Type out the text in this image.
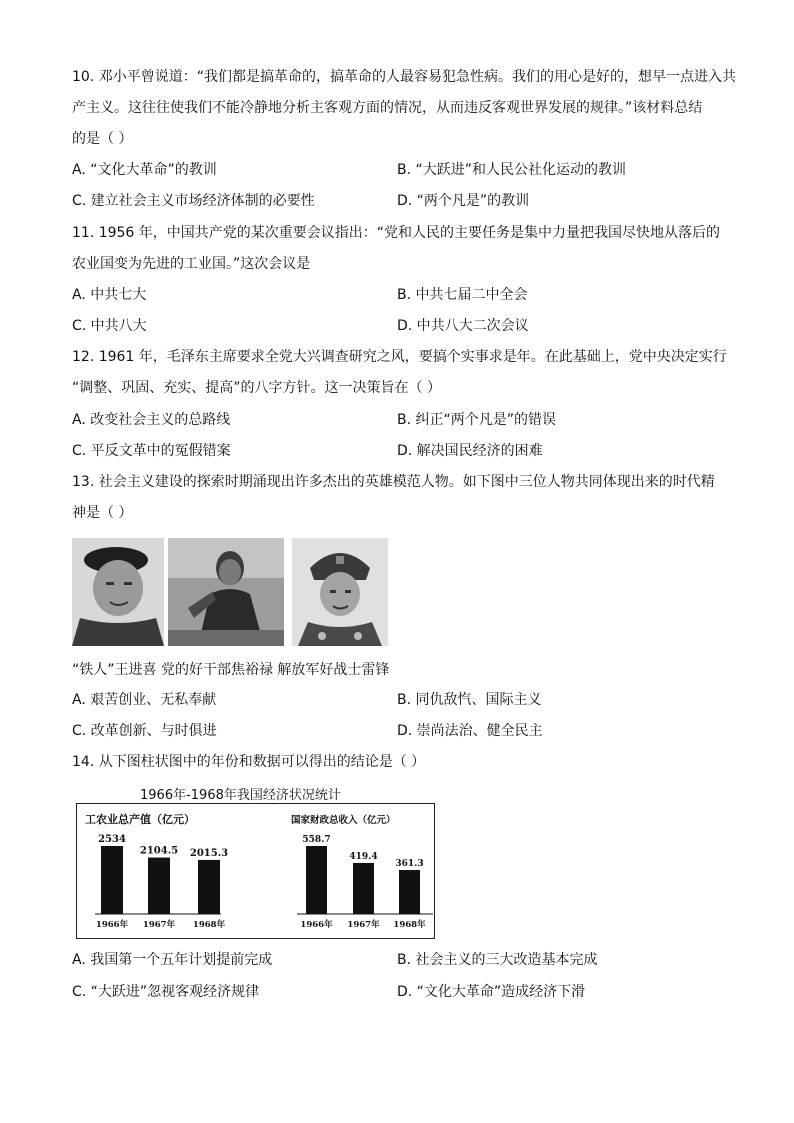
10. 邓小平曾说道：“我们都是搞革命的，搞革命的人最容易犯急性病。我们的用心是好的，想早一点进入共
产主义。这往往使我们不能冷静地分析主客观方面的情况，从而违反客观世界发展的规律。”该材料总结
的是（ ）
A. “文化大革命”的教训	B. “大跃进”和人民公社化运动的教训
C. 建立社会主义市场经济体制的必要性	D. “两个凡是”的教训
11. 1956 年，中国共产党的某次重要会议指出：“党和人民的主要任务是集中力量把我国尽快地从落后的
农业国变为先进的工业国。”这次会议是
A. 中共七大	B. 中共七届二中全会
C. 中共八大	D. 中共八大二次会议
12. 1961 年，毛泽东主席要求全党大兴调查研究之风，要搞个实事求是年。在此基础上，党中央决定实行
“调整、巩固、充实、提高”的八字方针。这一决策旨在（ ）
A. 改变社会主义的总路线	B. 纠正“两个凡是”的错误
C. 平反文革中的冤假错案	D. 解决国民经济的困难
13. 社会主义建设的探索时期涌现出许多杰出的英雄模范人物。如下图中三位人物共同体现出来的时代精
神是（ ）
“铁人”王进喜 党的好干部焦裕禄 解放军好战士雷锋
A. 艰苦创业、无私奉献	B. 同仇敌忾、国际主义
C. 改革创新、与时俱进	D. 崇尚法治、健全民主
14. 从下图柱状图中的年份和数据可以得出的结论是（ ）
1966年-1968年我国经济状况统计
工农业总产值（亿元）
2534
1966年
2104.5
1967年
2015.3
1968年
国家财政总收入（亿元）
558.7
1966年
419.4
1967年
361.3
1968年
A. 我国第一个五年计划提前完成	B. 社会主义的三大改造基本完成
C. “大跃进”忽视客观经济规律	D. “文化大革命”造成经济下滑
